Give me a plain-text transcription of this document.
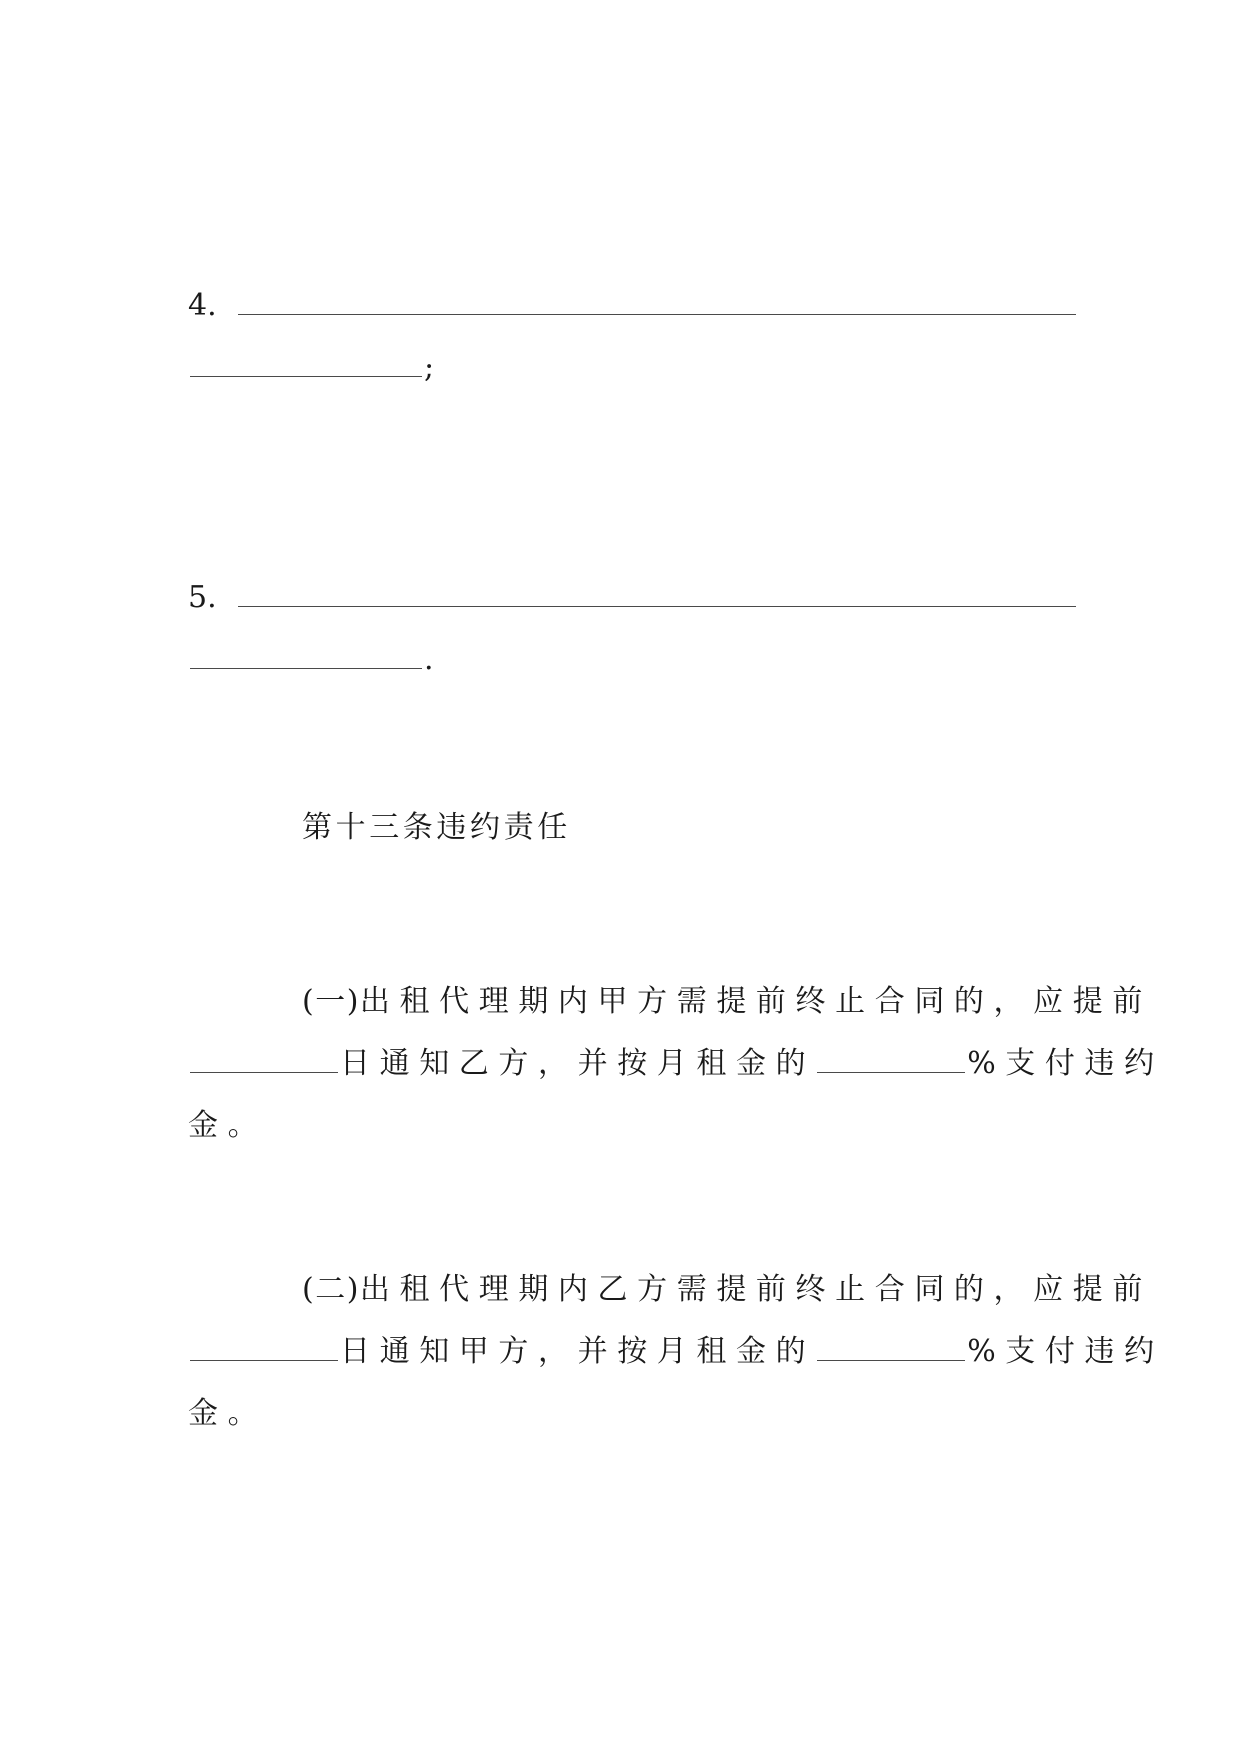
4.
;
5.
.
第十三条违约责任
(一)出租代理期内甲方需提前终止合同的，应提前
日通知乙方，并按月租金的	%支付违约
金。
(二)出租代理期内乙方需提前终止合同的，应提前
日通知甲方，并按月租金的	%支付违约
金。
